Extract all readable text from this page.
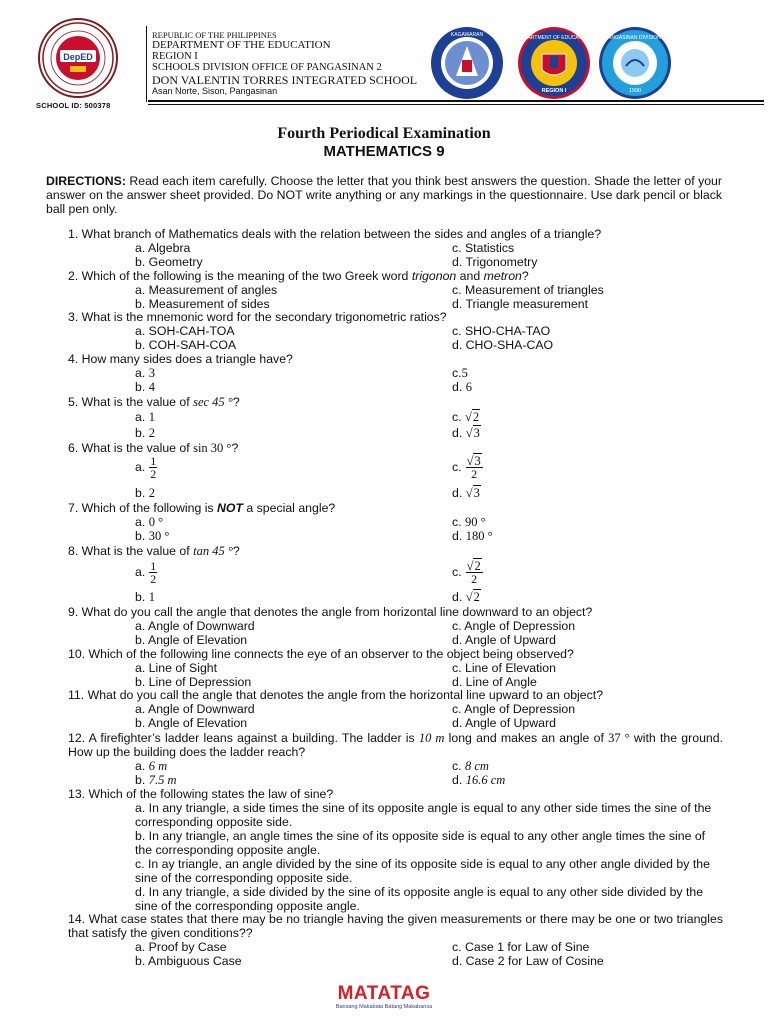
DepED
SCHOOL ID: 500378
REPUBLIC OF THE PHILIPPINES
DEPARTMENT OF THE EDUCATION
REGION I
SCHOOLS DIVISION OFFICE OF PANGASINAN 2
DON VALENTIN TORRES INTEGRATED SCHOOL
Asan Norte, Sison, Pangasinan
KAGAWARAN	DEPARTMENT OF EDUCATION
REGION I
PANGASINAN DIVISION II
1990
Fourth Periodical Examination
MATHEMATICS 9
DIRECTIONS: Read each item carefully. Choose the letter that you think best answers the question. Shade the letter of your answer on the answer sheet provided. Do NOT write anything or any markings in the questionnaire. Use dark pencil or black ball pen only.
1. What branch of Mathematics deals with the relation between the sides and angles of a triangle?
a. Algebra	c. Statistics
b. Geometry	d. Trigonometry
2. Which of the following is the meaning of the two Greek word trigonon and metron?
a. Measurement of angles	c. Measurement of triangles
b. Measurement of sides	d. Triangle measurement
3. What is the mnemonic word for the secondary trigonometric ratios?
a. SOH-CAH-TOA	c. SHO-CHA-TAO
b. COH-SAH-COA	d. CHO-SHA-CAO
4. How many sides does a triangle have?
a. 3	c.5
b. 4	d. 6
5. What is the value of sec 45 °?
a. 1	c. √2
b. 2	d. √3
6. What is the value of sin 30 °?
a. $\frac{1}{2}$	c. $\frac{√3}{2}$
b. 2	d. √3
7. Which of the following is NOT a special angle?
a. 0 °	c. 90 °
b. 30 °	d. 180 °
8. What is the value of tan 45 °?
a. $\frac{1}{2}$	c. $\frac{√2}{2}$
b. 1	d. √2
9. What do you call the angle that denotes the angle from horizontal line downward to an object?
a. Angle of Downward	c. Angle of Depression
b. Angle of Elevation	d. Angle of Upward
10. Which of the following line connects the eye of an observer to the object being observed?
a. Line of Sight	c. Line of Elevation
b. Line of Depression	d. Line of Angle
11. What do you call the angle that denotes the angle from the horizontal line upward to an object?
a. Angle of Downward	c. Angle of Depression
b. Angle of Elevation	d. Angle of Upward
12. A firefighter’s ladder leans against a building. The ladder is 10 m long and makes an angle of 37 ° with the ground. How up the building does the ladder reach?
a. 6 m	c. 8 cm
b. 7.5 m	d. 16.6 cm
13. Which of the following states the law of sine?
a. In any triangle, a side times the sine of its opposite angle is equal to any other side times the sine of the corresponding opposite side.
b. In any triangle, an angle times the sine of its opposite side is equal to any other angle times the sine of the corresponding opposite angle.
c. In ay triangle, an angle divided by the sine of its opposite side is equal to any other angle divided by the sine of the corresponding opposite side.
d. In any triangle, a side divided by the sine of its opposite angle is equal to any other side divided by the sine of the corresponding opposite angle.
14. What case states that there may be no triangle having the given measurements or there may be one or two triangles that satisfy the given conditions??
a. Proof by Case	c. Case 1 for Law of Sine
b. Ambiguous Case	d. Case 2 for Law of Cosine
MATATAG
Bansang Makabata Batang Makabansa
